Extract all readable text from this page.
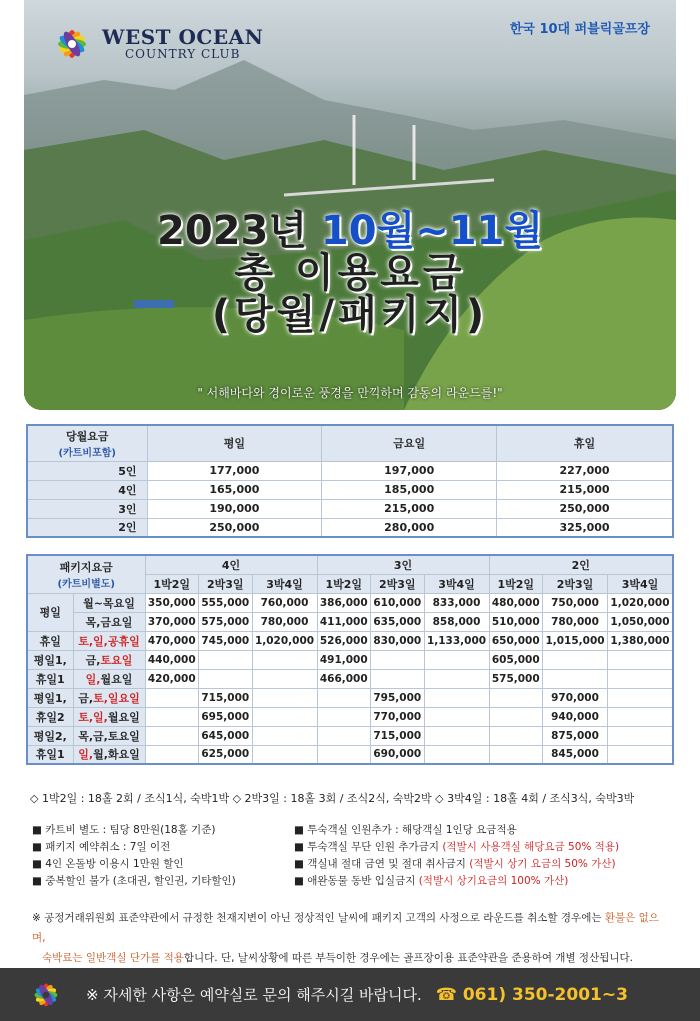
WEST OCEAN
COUNTRY CLUB
한국 10대 퍼블릭골프장
2023년 10월~11월
총 이용요금
(당월/패키지)
" 서해바다와 경이로운 풍경을 만끽하며 감동의 라운드를!"
당월요금
(카트비포함)	평일	금요일	휴일
5인	177,000	197,000	227,000
4인	165,000	185,000	215,000
3인	190,000	215,000	250,000
2인	250,000	280,000	325,000
패키지요금
(카트비별도)		4인			3인			2인		
		1박2일	2박3일	3박4일	1박2일	2박3일	3박4일	1박2일	2박3일	3박4일
평일	월~목요일	350,000	555,000	760,000	386,000	610,000	833,000	480,000	750,000	1,020,000
	목,금요일	370,000	575,000	780,000	411,000	635,000	858,000	510,000	780,000	1,050,000
휴일	토,일,공휴일	470,000	745,000	1,020,000	526,000	830,000	1,133,000	650,000	1,015,000	1,380,000
평일1,	금,토요일	440,000			491,000			605,000		
휴일1	일,월요일	420,000			466,000			575,000		
평일1,	금,토,일요일		715,000			795,000			970,000	
휴일2	토,일,월요일		695,000			770,000			940,000	
평일2,	목,금,토요일		645,000			715,000			875,000	
휴일1	일,월,화요일		625,000			690,000			845,000	
◇ 1박2일 : 18홀 2회 / 조식1식, 숙박1박 ◇ 2박3일 : 18홀 3회 / 조식2식, 숙박2박 ◇ 3박4일 : 18홀 4회 / 조식3식, 숙박3박
■ 카트비 별도 : 팀당 8만원(18홀 기준)
■ 패키지 예약취소 : 7일 이전
■ 4인 온돌방 이용시 1만원 할인
■ 중복할인 불가 (초대권, 할인권, 기타할인)
■ 투숙객실 인원추가 : 해당객실 1인당 요금적용
■ 투숙객실 무단 인원 추가금지 (적발시 사용객실 해당요금 50% 적용)
■ 객실내 절대 금연 및 절대 취사금지 (적발시 상기 요금의 50% 가산)
■ 애완동물 동반 입실금지 (적발시 상기요금의 100% 가산)
※ 공정거래위원회 표준약관에서 규정한 천재지변이 아닌 정상적인 날씨에 패키지 고객의 사정으로 라운드를 취소할 경우에는 환불은 없으며,
숙박료는 일반객실 단가를 적용합니다. 단, 날씨상황에 따른 부득이한 경우에는 골프장이용 표준약관을 준용하여 개별 정산됩니다.
※ 자세한 사항은 예약실로 문의 해주시길 바랍니다. ☎ 061) 350-2001~3
